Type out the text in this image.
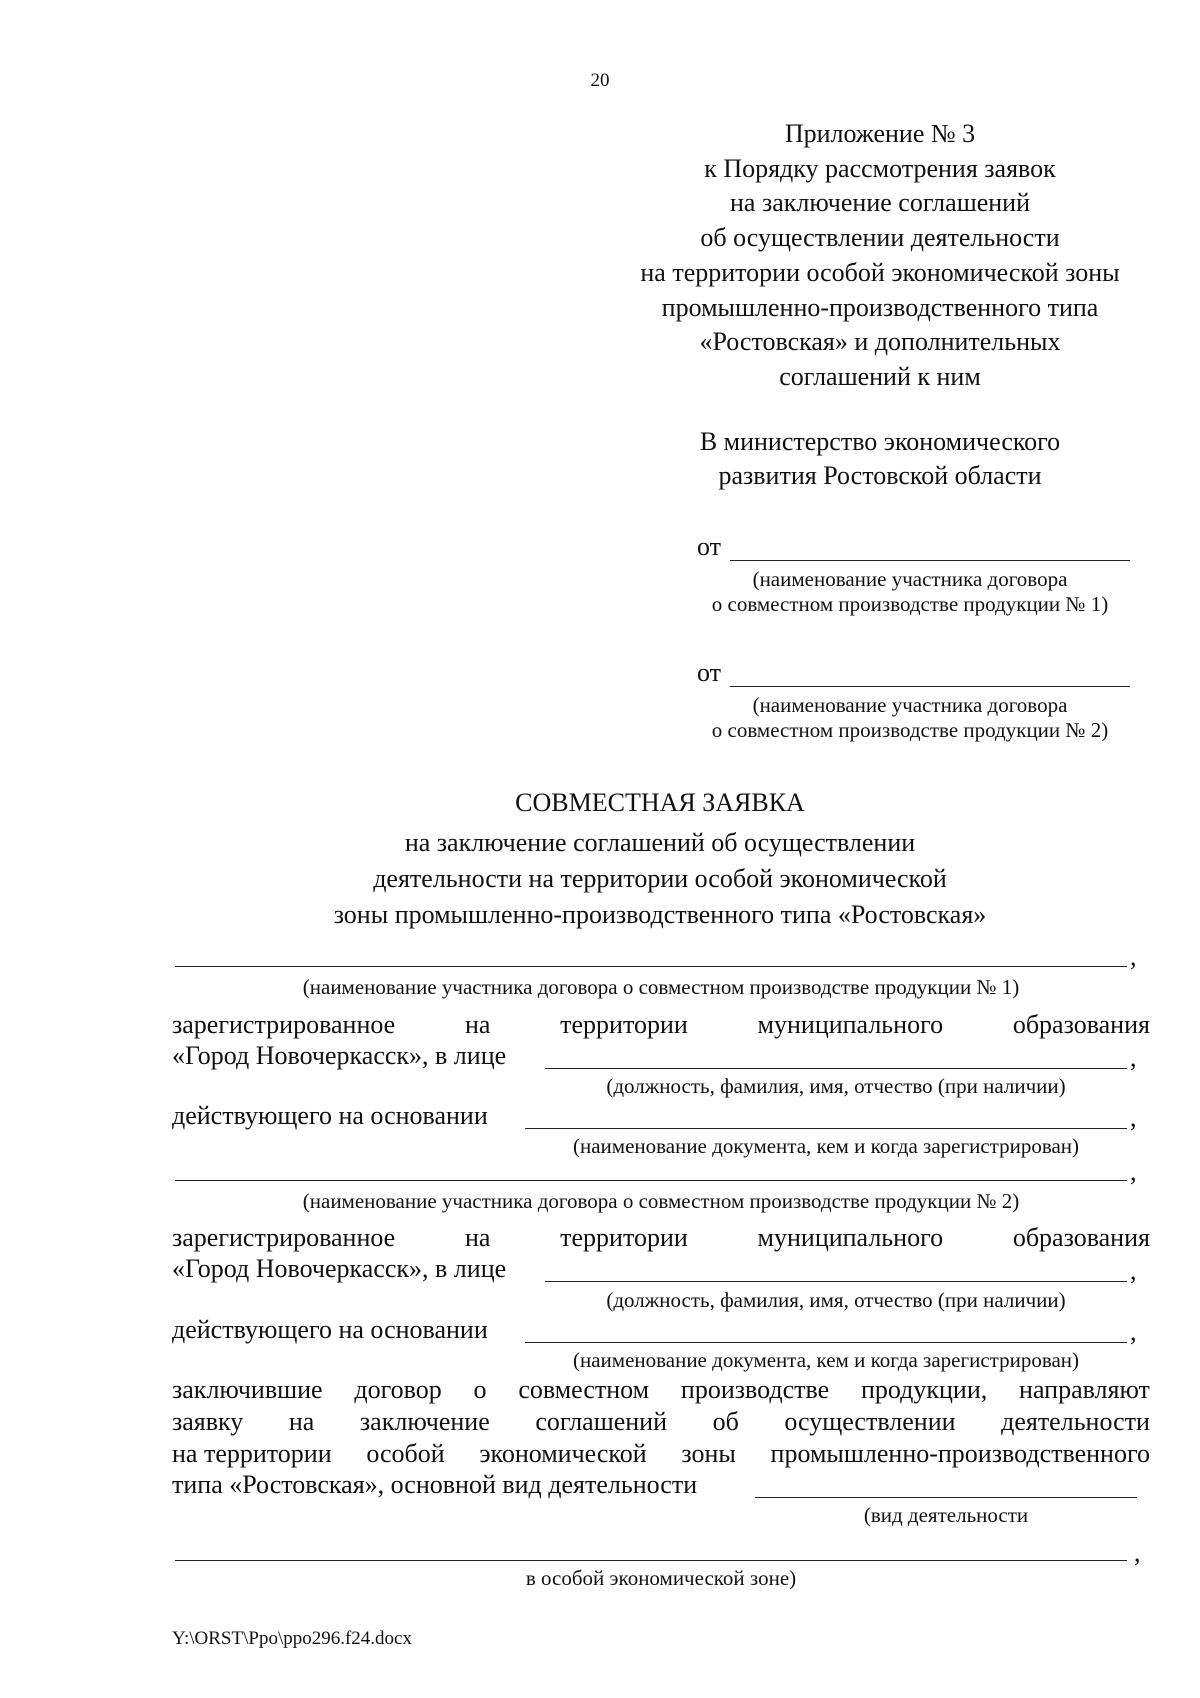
20
Приложение № 3
к Порядку рассмотрения заявок
на заключение соглашений
об осуществлении деятельности
на территории особой экономической зоны
промышленно-производственного типа
«Ростовская» и дополнительных
соглашений к ним
В министерство экономического
развития Ростовской области
от
(наименование участника договора
о совместном производстве продукции № 1)
от
(наименование участника договора
о совместном производстве продукции № 2)
СОВМЕСТНАЯ ЗАЯВКА
на заключение соглашений об осуществлении
деятельности на территории особой экономической
зоны промышленно-производственного типа «Ростовская»
,
(наименование участника договора о совместном производстве продукции № 1)
зарегистрированное	на	территории	муниципального	образования
«Город Новочеркасск», в лице	,
(должность, фамилия, имя, отчество (при наличии)
действующего на основании	,
(наименование документа, кем и когда зарегистрирован)
,
(наименование участника договора о совместном производстве продукции № 2)
зарегистрированное	на	территории	муниципального	образования
«Город Новочеркасск», в лице	,
(должность, фамилия, имя, отчество (при наличии)
действующего на основании	,
(наименование документа, кем и когда зарегистрирован)
заключившие договор о совместном производстве продукции, направляют
заявку на заключение соглашений об осуществлении деятельности
на территории особой экономической зоны промышленно-производственного
типа «Ростовская», основной вид деятельности
(вид деятельности
,
в особой экономической зоне)
Y:\ORST\Ppo\ppo296.f24.docx
